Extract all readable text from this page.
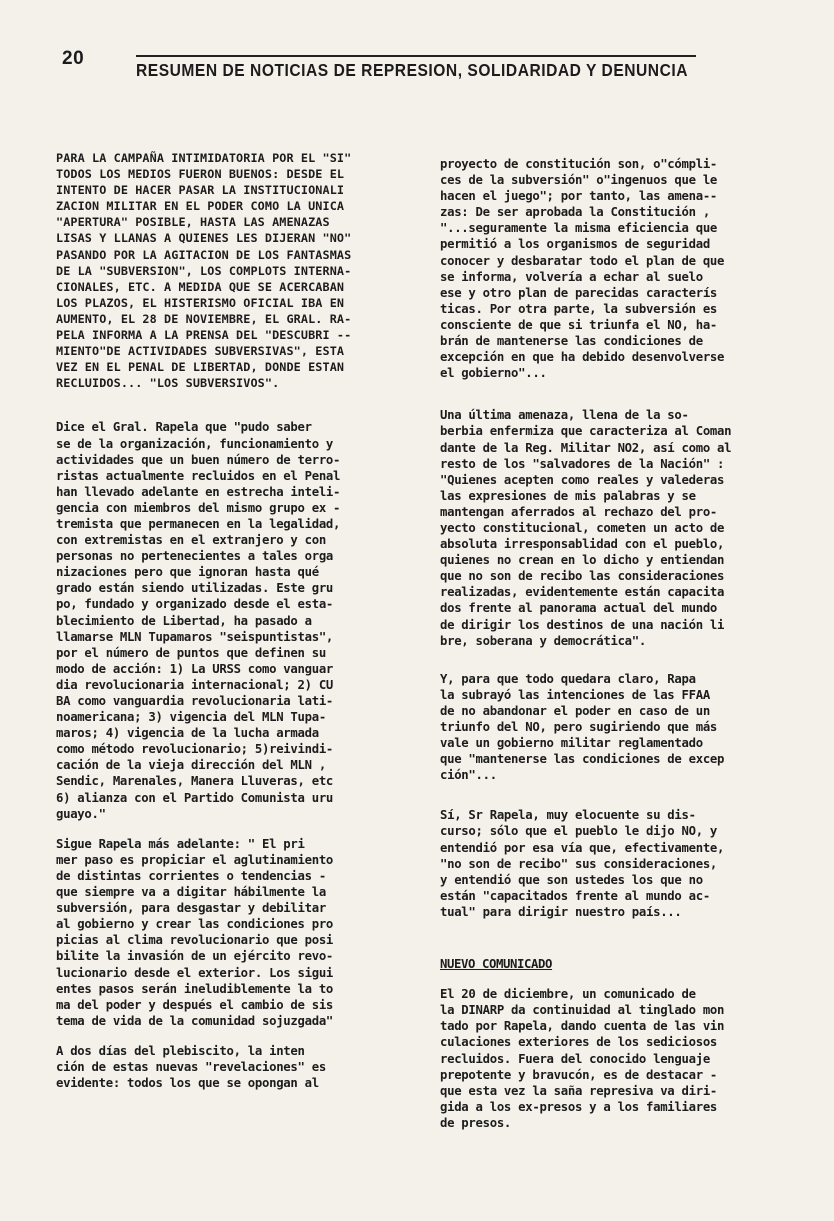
20
RESUMEN DE NOTICIAS DE REPRESION, SOLIDARIDAD Y DENUNCIA

PARA LA CAMPAÑA INTIMIDATORIA POR EL "SI"
TODOS LOS MEDIOS FUERON BUENOS: DESDE EL
INTENTO DE HACER PASAR LA INSTITUCIONALI
ZACION MILITAR EN EL PODER COMO LA UNICA
"APERTURA" POSIBLE, HASTA LAS AMENAZAS
LISAS Y LLANAS A QUIENES LES DIJERAN "NO"
PASANDO POR LA AGITACION DE LOS FANTASMAS
DE LA "SUBVERSION", LOS COMPLOTS INTERNA-
CIONALES, ETC. A MEDIDA QUE SE ACERCABAN
LOS PLAZOS, EL HISTERISMO OFICIAL IBA EN
AUMENTO, EL 28 DE NOVIEMBRE, EL GRAL. RA-
PELA INFORMA A LA PRENSA DEL "DESCUBRI --
MIENTO"DE ACTIVIDADES SUBVERSIVAS", ESTA
VEZ EN EL PENAL DE LIBERTAD, DONDE ESTAN
RECLUIDOS... "LOS SUBVERSIVOS".

Dice el Gral. Rapela que "pudo saber
se de la organización, funcionamiento y
actividades que un buen número de terro-
ristas actualmente recluidos en el Penal
han llevado adelante en estrecha inteli-
gencia con miembros del mismo grupo ex -
tremista que permanecen en la legalidad,
con extremistas en el extranjero y con
personas no pertenecientes a tales orga
nizaciones pero que ignoran hasta qué
grado están siendo utilizadas. Este gru
po, fundado y organizado desde el esta-
blecimiento de Libertad, ha pasado a
llamarse MLN Tupamaros "seispuntistas",
por el número de puntos que definen su
modo de acción: 1) La URSS como vanguar
dia revolucionaria internacional; 2) CU
BA como vanguardia revolucionaria lati-
noamericana; 3) vigencia del MLN Tupa-
maros; 4) vigencia de la lucha armada
como método revolucionario; 5)reivindi-
cación de la vieja dirección del MLN ,
Sendic, Marenales, Manera Lluveras, etc
6) alianza con el Partido Comunista uru
guayo."

Sigue Rapela más adelante: " El pri
mer paso es propiciar el aglutinamiento
de distintas corrientes o tendencias -
que siempre va a digitar hábilmente la
subversión, para desgastar y debilitar
al gobierno y crear las condiciones pro
picias al clima revolucionario que posi
bilite la invasión de un ejército revo-
lucionario desde el exterior. Los sigui
entes pasos serán ineludiblemente la to
ma del poder y después el cambio de sis
tema de vida de la comunidad sojuzgada"

A dos días del plebiscito, la inten
ción de estas nuevas "revelaciones" es
evidente: todos los que se opongan al

proyecto de constitución son, o"cómpli-
ces de la subversión" o"ingenuos que le
hacen el juego"; por tanto, las amena--
zas: De ser aprobada la Constitución ,
"...seguramente la misma eficiencia que
permitió a los organismos de seguridad
conocer y desbaratar todo el plan de que
se informa, volvería a echar al suelo
ese y otro plan de parecidas caracterís
ticas. Por otra parte, la subversión es
consciente de que si triunfa el NO, ha-
brán de mantenerse las condiciones de
excepción en que ha debido desenvolverse
el gobierno"...

Una última amenaza, llena de la so-
berbia enfermiza que caracteriza al Coman
dante de la Reg. Militar NO2, así como al
resto de los "salvadores de la Nación" :
"Quienes acepten como reales y valederas
las expresiones de mis palabras y se
mantengan aferrados al rechazo del pro-
yecto constitucional, cometen un acto de
absoluta irresponsablidad con el pueblo,
quienes no crean en lo dicho y entiendan
que no son de recibo las consideraciones
realizadas, evidentemente están capacita
dos frente al panorama actual del mundo
de dirigir los destinos de una nación li
bre, soberana y democrática".

Y, para que todo quedara claro, Rapa
la subrayó las intenciones de las FFAA
de no abandonar el poder en caso de un
triunfo del NO, pero sugiriendo que más
vale un gobierno militar reglamentado
que "mantenerse las condiciones de excep
ción"...

Sí, Sr Rapela, muy elocuente su dis-
curso; sólo que el pueblo le dijo NO, y
entendió por esa vía que, efectivamente,
"no son de recibo" sus consideraciones,
y entendió que son ustedes los que no
están "capacitados frente al mundo ac-
tual" para dirigir nuestro país...

NUEVO COMUNICADO

El 20 de diciembre, un comunicado de
la DINARP da continuidad al tinglado mon
tado por Rapela, dando cuenta de las vin
culaciones exteriores de los sediciosos
recluidos. Fuera del conocido lenguaje
prepotente y bravucón, es de destacar -
que esta vez la saña represiva va diri-
gida a los ex-presos y a los familiares
de presos.
